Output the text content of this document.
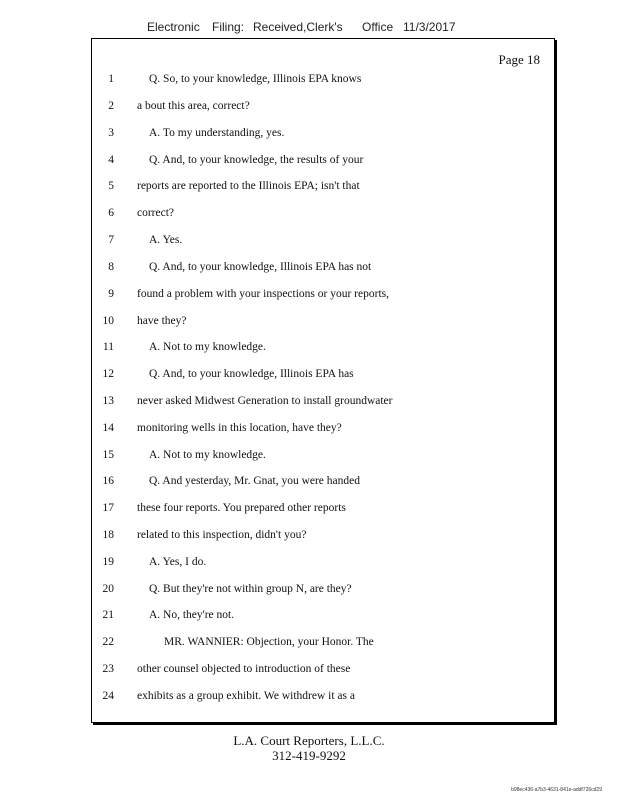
Electronic Filing: Received,Clerk's Office 11/3/2017
Page 18
1	Q. So, to your knowledge, Illinois EPA knows
2 a bout this area, correct?
3	A. To my understanding, yes.
4	Q. And, to your knowledge, the results of your
5 reports are reported to the Illinois EPA; isn't that
6 correct?
7	A. Yes.
8	Q. And, to your knowledge, Illinois EPA has not
9 found a problem with your inspections or your reports,
10 have they?
11	A. Not to my knowledge.
12	Q. And, to your knowledge, Illinois EPA has
13 never asked Midwest Generation to install groundwater
14 monitoring wells in this location, have they?
15	A. Not to my knowledge.
16	Q. And yesterday, Mr. Gnat, you were handed
17 these four reports. You prepared other reports
18 related to this inspection, didn't you?
19	A. Yes, I do.
20	Q. But they're not within group N, are they?
21	A. No, they're not.
22	MR. WANNIER: Objection, your Honor. The
23 other counsel objected to introduction of these
24 exhibits as a group exhibit. We withdrew it as a
L.A. Court Reporters, L.L.C.
312-419-9292
b98ec436-a7b3-4631-841e-addf726cd29
